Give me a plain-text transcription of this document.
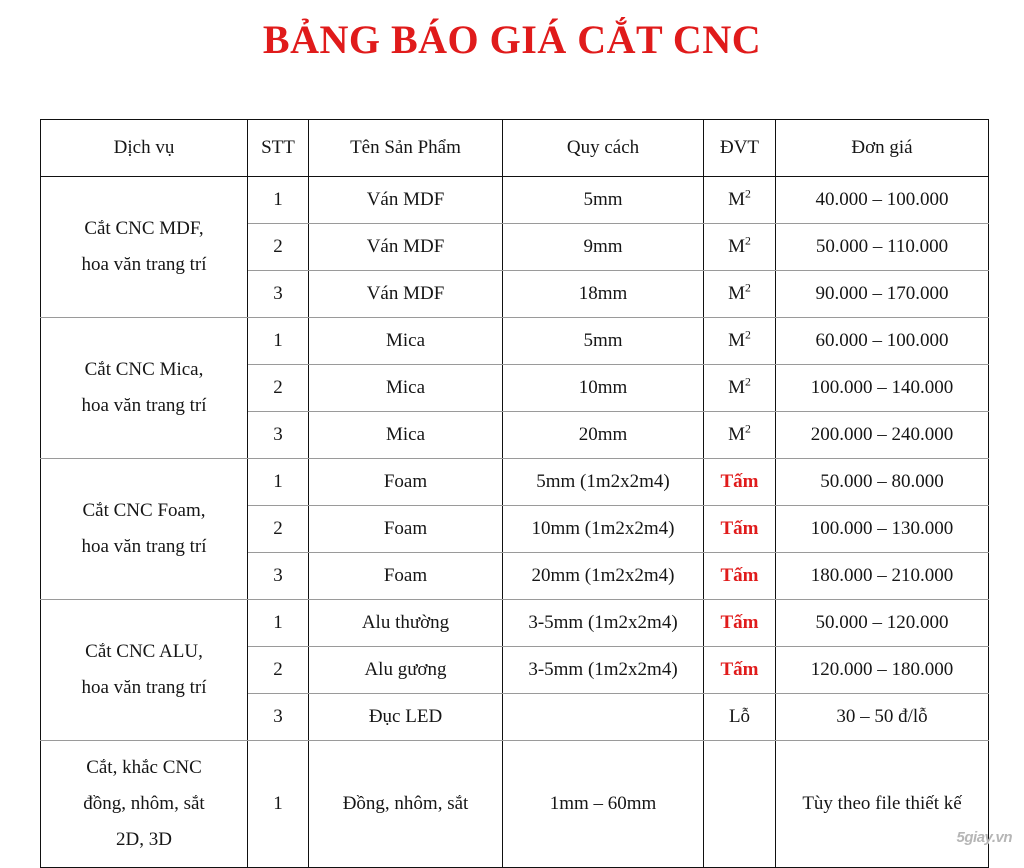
BẢNG BÁO GIÁ CẮT CNC
Dịch vụ	STT	Tên Sản Phẩm	Quy cách	ĐVT	Đơn giá

Cắt CNC MDF,
hoa văn trang trí	1	Ván MDF	5mm	$M^2$	40.000 – 100.000
	2	Ván MDF	9mm	$M^2$	50.000 – 110.000
	3	Ván MDF	18mm	$M^2$	90.000 – 170.000

Cắt CNC Mica,
hoa văn trang trí	1	Mica	5mm	$M^2$	60.000 – 100.000
	2	Mica	10mm	$M^2$	100.000 – 140.000
	3	Mica	20mm	$M^2$	200.000 – 240.000

Cắt CNC Foam,
hoa văn trang trí	1	Foam	5mm (1m2x2m4)	Tấm	50.000 – 80.000
	2	Foam	10mm (1m2x2m4)	Tấm	100.000 – 130.000
	3	Foam	20mm (1m2x2m4)	Tấm	180.000 – 210.000

Cắt CNC ALU,
hoa văn trang trí	1	Alu thường	3-5mm (1m2x2m4)	Tấm	50.000 – 120.000
	2	Alu gương	3-5mm (1m2x2m4)	Tấm	120.000 – 180.000
	3	Đục LED		Lỗ	30 – 50 đ/lỗ

Cắt, khắc CNC
đồng, nhôm, sắt
2D, 3D	1	Đồng, nhôm, sắt	1mm – 60mm		Tùy theo file thiết kế
5giay.vn
